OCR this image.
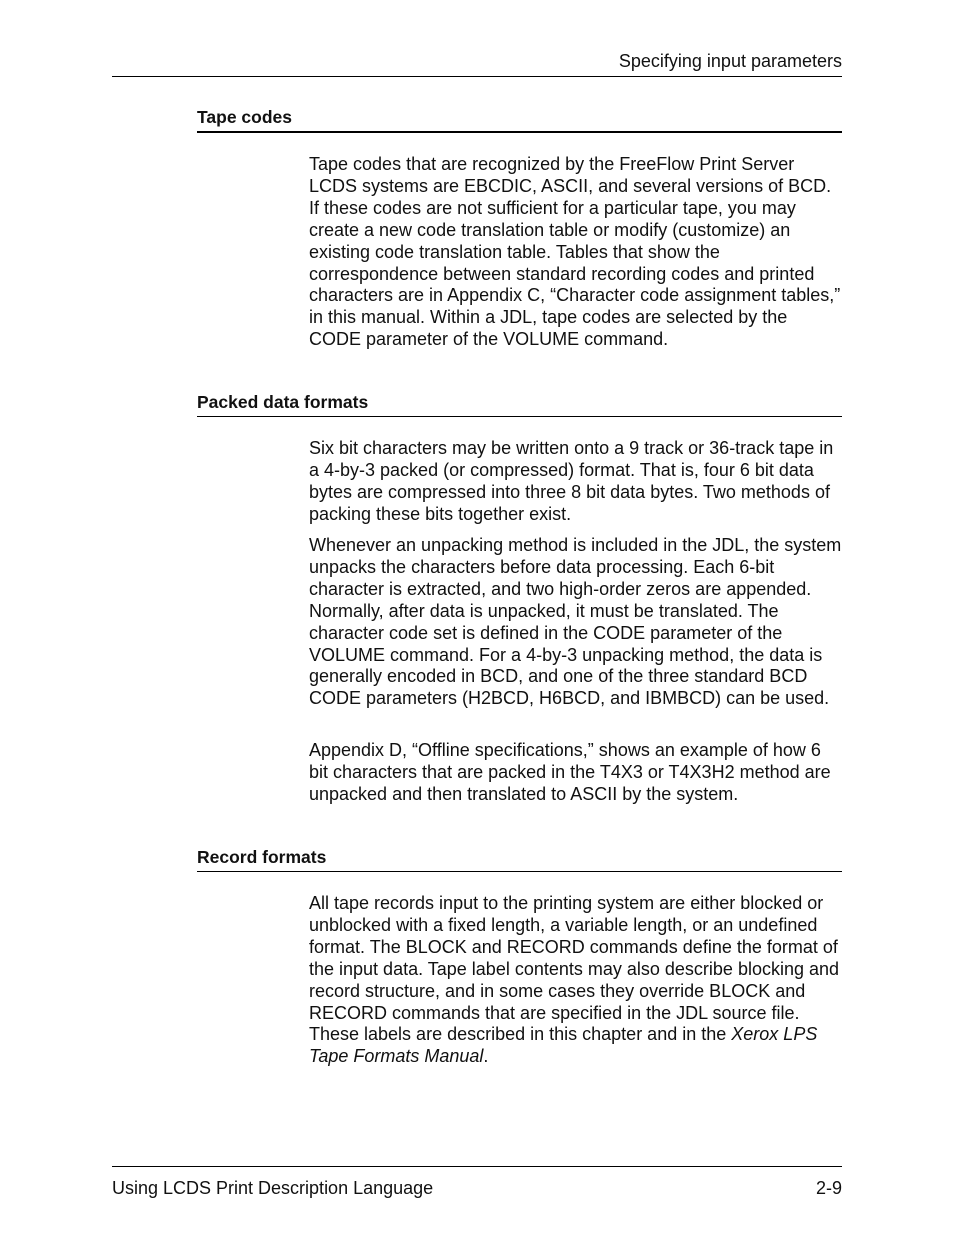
Specifying input parameters
Tape codes

Tape codes that are recognized by the FreeFlow Print Server LCDS systems are EBCDIC, ASCII, and several versions of BCD. If these codes are not sufficient for a particular tape, you may create a new code translation table or modify (customize) an existing code translation table. Tables that show the correspondence between standard recording codes and printed characters are in Appendix C, “Character code assignment tables,” in this manual. Within a JDL, tape codes are selected by the CODE parameter of the VOLUME command.

Packed data formats

Six bit characters may be written onto a 9 track or 36-track tape in a 4-by-3 packed (or compressed) format. That is, four 6 bit data bytes are compressed into three 8 bit data bytes. Two methods of packing these bits together exist.

Whenever an unpacking method is included in the JDL, the system unpacks the characters before data processing. Each 6-bit character is extracted, and two high-order zeros are appended. Normally, after data is unpacked, it must be translated. The character code set is defined in the CODE parameter of the VOLUME command. For a 4-by-3 unpacking method, the data is generally encoded in BCD, and one of the three standard BCD CODE parameters (H2BCD, H6BCD, and IBMBCD) can be used.

Appendix D, “Offline specifications,” shows an example of how 6 bit characters that are packed in the T4X3 or T4X3H2 method are unpacked and then translated to ASCII by the system.

Record formats

All tape records input to the printing system are either blocked or unblocked with a fixed length, a variable length, or an undefined format. The BLOCK and RECORD commands define the format of the input data. Tape label contents may also describe blocking and record structure, and in some cases they override BLOCK and RECORD commands that are specified in the JDL source file. These labels are described in this chapter and in the Xerox LPS Tape Formats Manual.

Using LCDS Print Description Language	2-9
